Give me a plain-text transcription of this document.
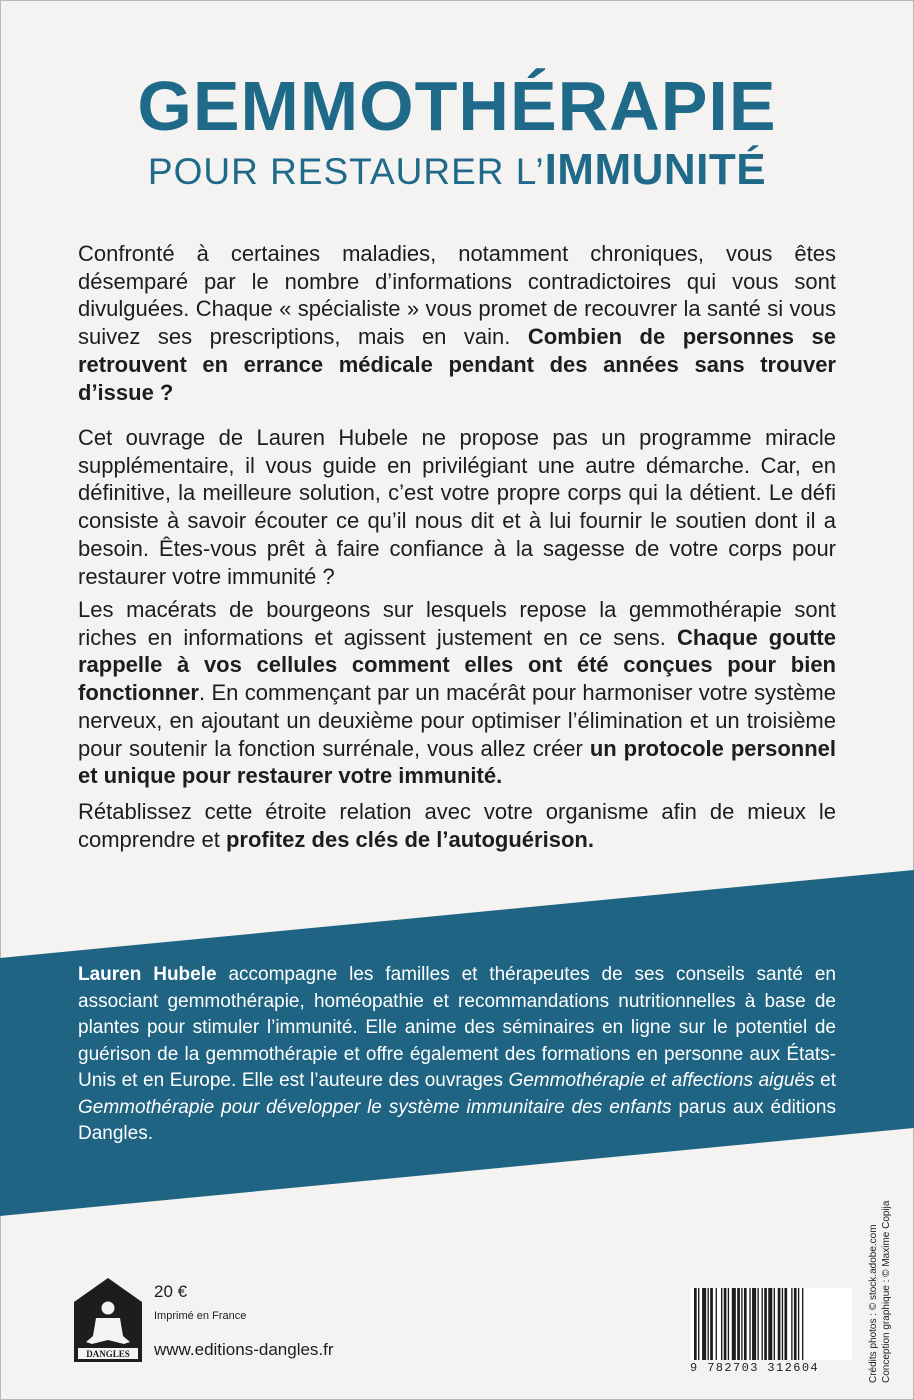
GEMMOTHÉRAPIE
POUR RESTAURER L’IMMUNITÉ

Confronté à certaines maladies, notamment chroniques, vous êtes désemparé par le nombre d’informations contradictoires qui vous sont divulguées. Chaque « spécialiste » vous promet de recouvrer la santé si vous suivez ses prescriptions, mais en vain. Combien de personnes se retrouvent en errance médicale pendant des années sans trouver d’issue ?

Cet ouvrage de Lauren Hubele ne propose pas un programme miracle supplémentaire, il vous guide en privilégiant une autre démarche. Car, en définitive, la meilleure solution, c’est votre propre corps qui la détient. Le défi consiste à savoir écouter ce qu’il nous dit et à lui fournir le soutien dont il a besoin. Êtes-vous prêt à faire confiance à la sagesse de votre corps pour restaurer votre immunité ?

Les macérats de bourgeons sur lesquels repose la gemmothérapie sont riches en informations et agissent justement en ce sens. Chaque goutte rappelle à vos cellules comment elles ont été conçues pour bien fonctionner. En commençant par un macérât pour harmoniser votre système nerveux, en ajoutant un deuxième pour optimiser l’élimination et un troisième pour soutenir la fonction surrénale, vous allez créer un protocole personnel et unique pour restaurer votre immunité.

Rétablissez cette étroite relation avec votre organisme afin de mieux le comprendre et profitez des clés de l’autoguérison.

Lauren Hubele accompagne les familles et thérapeutes de ses conseils santé en associant gemmothérapie, homéopathie et recommandations nutritionnelles à base de plantes pour stimuler l’immunité. Elle anime des séminaires en ligne sur le potentiel de guérison de la gemmothérapie et offre également des formations en personne aux États-Unis et en Europe. Elle est l’auteure des ouvrages Gemmothérapie et affections aiguës et Gemmothérapie pour développer le système immunitaire des enfants parus aux éditions Dangles.

DANGLES
20 €
Imprimé en France
www.editions-dangles.fr
9 782703 312604	Crédits photos : © stock.adobe.com Conception graphique : © Maxime Copija
